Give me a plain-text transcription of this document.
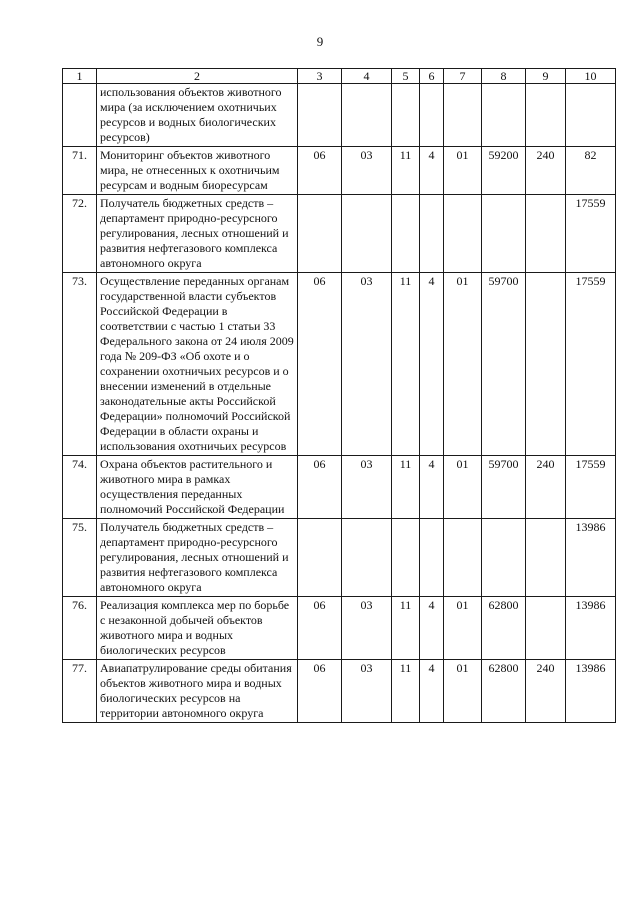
9
1	2	3	4	5	6	7	8	9	10
	использования объектов животного мира (за исключением охотничьих ресурсов и водных биологических ресурсов)								
71.	Мониторинг объектов животного мира, не отнесенных к охотничьим ресурсам и водным биоресурсам	06	03	11	4	01	59200	240	82
72.	Получатель бюджетных средств – департамент природно-ресурсного регулирования, лесных отношений и развития нефтегазового комплекса автономного округа								17559
73.	Осуществление переданных органам государственной власти субъектов Российской Федерации в соответствии с частью 1 статьи 33 Федерального закона от 24 июля 2009 года № 209-ФЗ «Об охоте и о сохранении охотничьих ресурсов и о внесении изменений в отдельные законодательные акты Российской Федерации» полномочий Российской Федерации в области охраны и использования охотничьих ресурсов	06	03	11	4	01	59700		17559
74.	Охрана объектов растительного и животного мира в рамках осуществления переданных полномочий Российской Федерации	06	03	11	4	01	59700	240	17559
75.	Получатель бюджетных средств – департамент природно-ресурсного регулирования, лесных отношений и развития нефтегазового комплекса автономного округа								13986
76.	Реализация комплекса мер по борьбе с незаконной добычей объектов животного мира и водных биологических ресурсов	06	03	11	4	01	62800		13986
77.	Авиапатрулирование среды обитания объектов животного мира и водных биологических ресурсов на территории автономного округа	06	03	11	4	01	62800	240	13986
